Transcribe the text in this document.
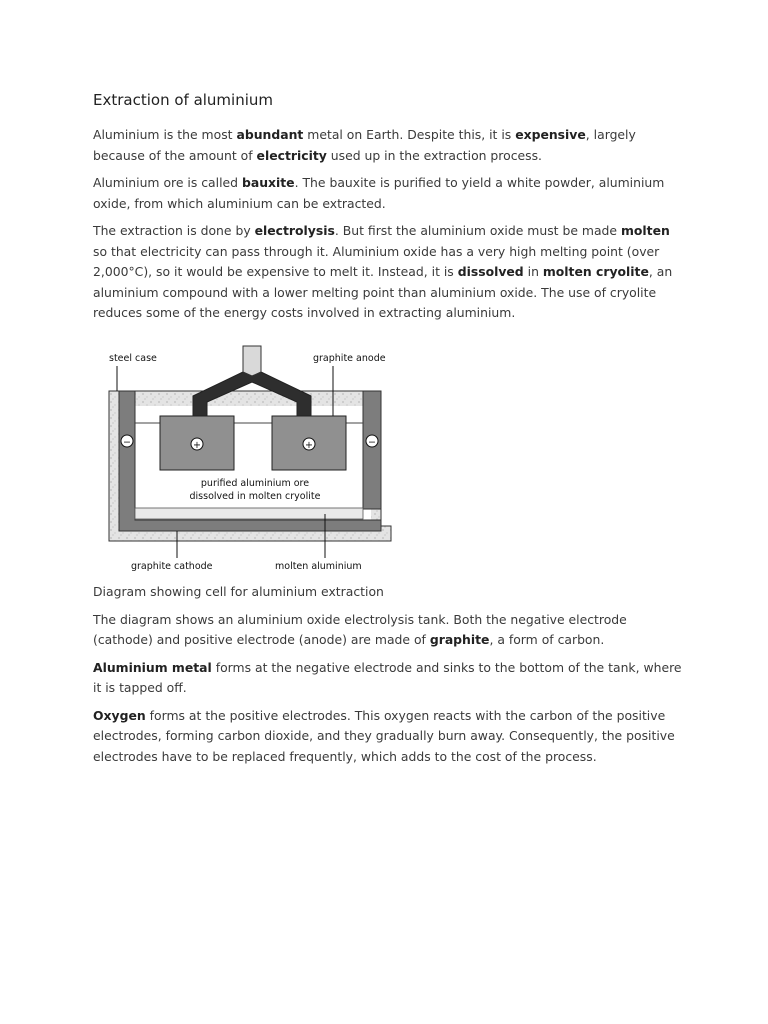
Extraction of aluminium

Aluminium is the most abundant metal on Earth. Despite this, it is expensive, largely because of the amount of electricity used up in the extraction process.

Aluminium ore is called bauxite. The bauxite is purified to yield a white powder, aluminium oxide, from which aluminium can be extracted.

The extraction is done by electrolysis. But first the aluminium oxide must be made molten so that electricity can pass through it. Aluminium oxide has a very high melting point (over 2,000°C), so it would be expensive to melt it. Instead, it is dissolved in molten cryolite, an aluminium compound with a lower melting point than aluminium oxide. The use of cryolite reduces some of the energy costs involved in extracting aluminium.

+	+
−	−
steel case	graphite anode
purified aluminium ore
dissolved in molten cryolite
graphite cathode	molten aluminium
Diagram showing cell for aluminium extraction

The diagram shows an aluminium oxide electrolysis tank. Both the negative electrode (cathode) and positive electrode (anode) are made of graphite, a form of carbon.

Aluminium metal forms at the negative electrode and sinks to the bottom of the tank, where it is tapped off.

Oxygen forms at the positive electrodes. This oxygen reacts with the carbon of the positive electrodes, forming carbon dioxide, and they gradually burn away. Consequently, the positive electrodes have to be replaced frequently, which adds to the cost of the process.
